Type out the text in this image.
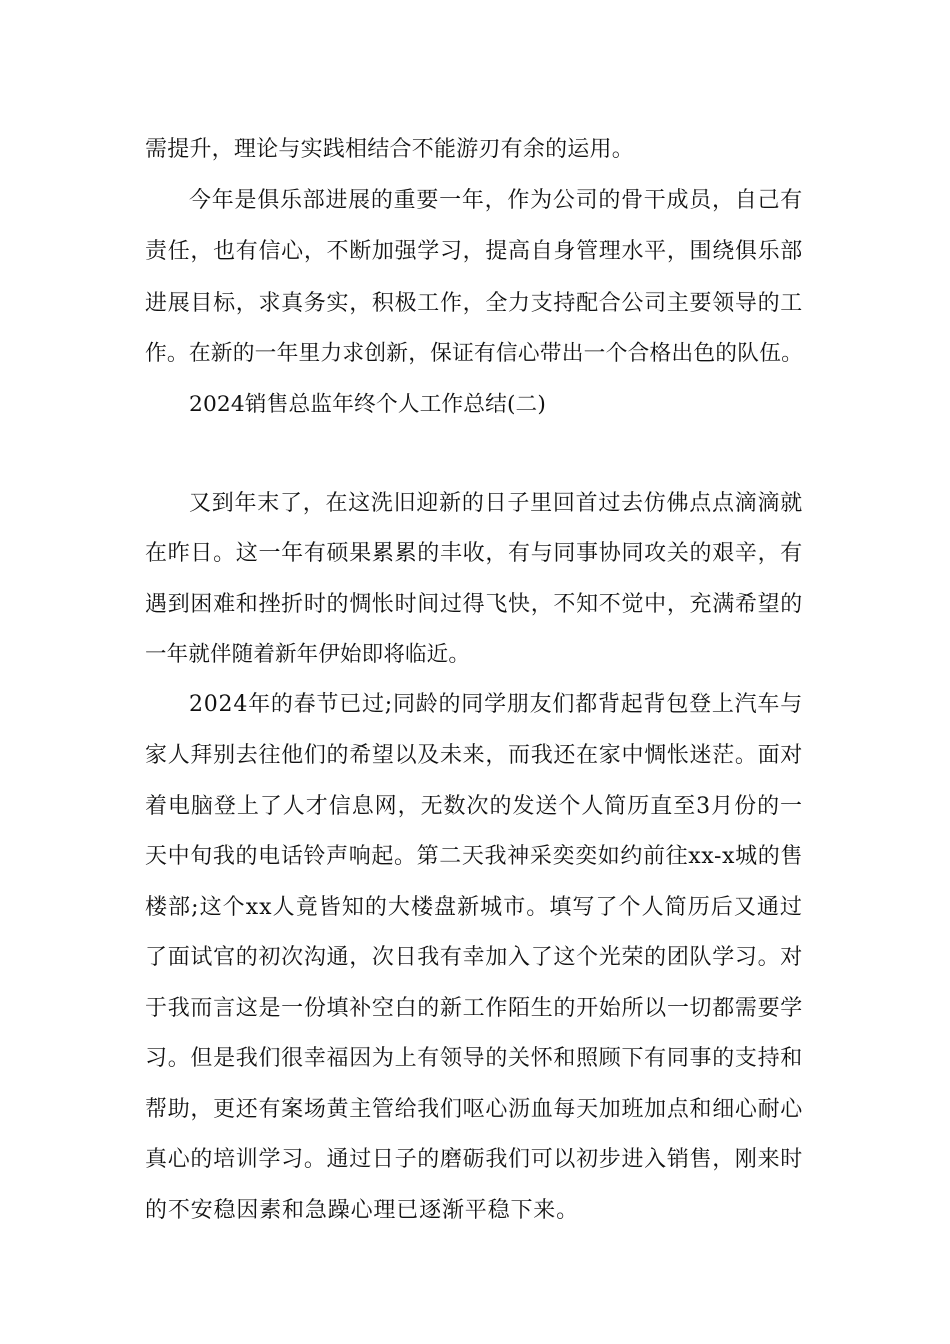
需提升，理论与实践相结合不能游刃有余的运用。
今年是俱乐部进展的重要一年，作为公司的骨干成员，自己有
责任，也有信心，不断加强学习，提高自身管理水平，围绕俱乐部
进展目标，求真务实，积极工作，全力支持配合公司主要领导的工
作。在新的一年里力求创新，保证有信心带出一个合格出色的队伍。
2024销售总监年终个人工作总结(二)
又到年末了，在这洗旧迎新的日子里回首过去仿佛点点滴滴就
在昨日。这一年有硕果累累的丰收，有与同事协同攻关的艰辛，有
遇到困难和挫折时的惆怅时间过得飞快，不知不觉中，充满希望的
一年就伴随着新年伊始即将临近。
2024年的春节已过;同龄的同学朋友们都背起背包登上汽车与
家人拜别去往他们的希望以及未来，而我还在家中惆怅迷茫。面对
着电脑登上了人才信息网，无数次的发送个人简历直至3月份的一
天中旬我的电话铃声响起。第二天我神采奕奕如约前往xx-x城的售
楼部;这个xx人竟皆知的大楼盘新城市。填写了个人简历后又通过
了面试官的初次沟通，次日我有幸加入了这个光荣的团队学习。对
于我而言这是一份填补空白的新工作陌生的开始所以一切都需要学
习。但是我们很幸福因为上有领导的关怀和照顾下有同事的支持和
帮助，更还有案场黄主管给我们呕心沥血每天加班加点和细心耐心
真心的培训学习。通过日子的磨砺我们可以初步进入销售，刚来时
的不安稳因素和急躁心理已逐渐平稳下来。
